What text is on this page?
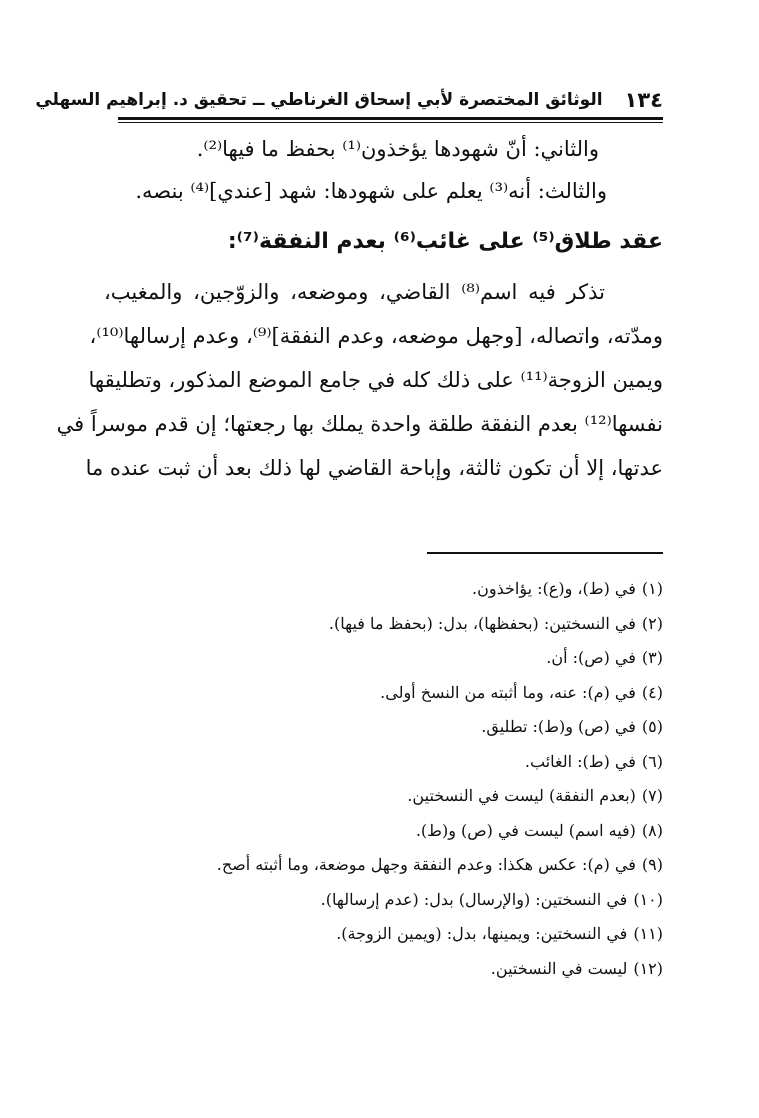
١٣٤
الوثائق المختصرة لأبي إسحاق الغرناطي ــ تحقيق د. إبراهيم السهلي
والثاني: أنّ شهودها يؤخذون⁽¹⁾ بحفظ ما فيها⁽²⁾.
والثالث: أنه⁽³⁾ يعلم على شهودها: شهد [عندي]⁽⁴⁾ بنصه.
عقد طلاق⁽⁵⁾ على غائب⁽⁶⁾ بعدم النفقة⁽⁷⁾:
تذكر فيه اسم⁽⁸⁾ القاضي، وموضعه، والزوّجين، والمغيب،
ومدّته، واتصاله، [وجهل موضعه، وعدم النفقة]⁽⁹⁾، وعدم إرسالها⁽¹⁰⁾،
ويمين الزوجة⁽¹¹⁾ على ذلك كله في جامع الموضع المذكور، وتطليقها
نفسها⁽¹²⁾ بعدم النفقة طلقة واحدة يملك بها رجعتها؛ إن قدم موسراً في
عدتها، إلا أن تكون ثالثة، وإباحة القاضي لها ذلك بعد أن ثبت عنده ما
(١)في (ط)، و(ع): يؤاخذون.
(٢)في النسختين: (بحفظها)، بدل: (بحفظ ما فيها).
(٣)في (ص): أن.
(٤)في (م): عنه، وما أثبته من النسخ أولى.
(٥)في (ص) و(ط): تطليق.
(٦)في (ط): الغائب.
(٧)(بعدم النفقة) ليست في النسختين.
(٨)(فيه اسم) ليست في (ص) و(ط).
(٩)في (م): عكس هكذا: وعدم النفقة وجهل موضعة، وما أثبته أصح.
(١٠)في النسختين: (والإرسال) بدل: (عدم إرسالها).
(١١)في النسختين: ويمينها، بدل: (ويمين الزوجة).
(١٢)ليست في النسختين.
